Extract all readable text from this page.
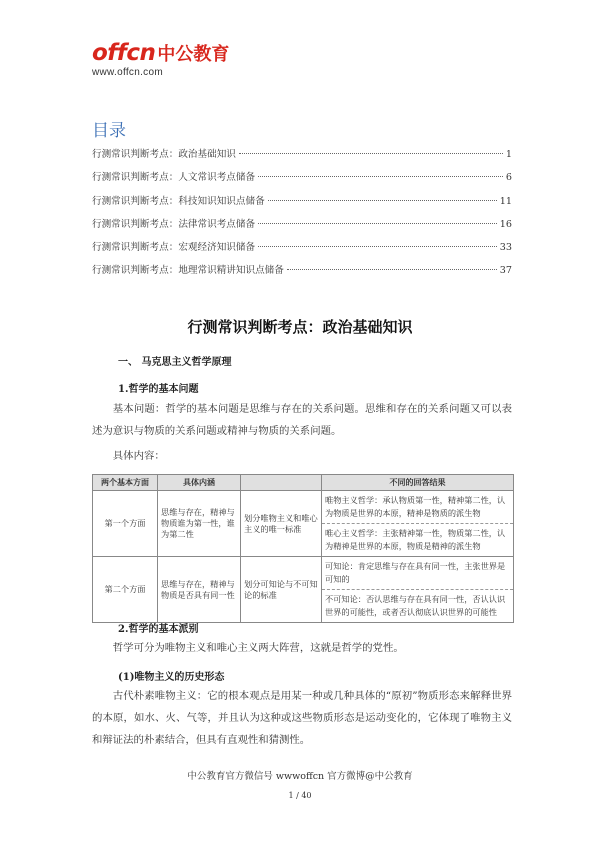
offcn 中公教育
www.offcn.com
目录
行测常识判断考点：政治基础知识	1
行测常识判断考点：人文常识考点储备	6
行测常识判断考点：科技知识知识点储备	11
行测常识判断考点：法律常识考点储备	16
行测常识判断考点：宏观经济知识储备	33
行测常识判断考点：地理常识精讲知识点储备	37
行测常识判断考点：政治基础知识
一、 马克思主义哲学原理
1.哲学的基本问题
基本问题：哲学的基本问题是思维与存在的关系问题。思维和存在的关系问题又可以表述为意识与物质的关系问题或精神与物质的关系问题。
具体内容：
两个基本方面	具体内涵		不同的回答结果
第一个方面	思维与存在，精神与物质谁为第一性，谁为第二性	划分唯物主义和唯心主义的唯一标准	唯物主义哲学：承认物质第一性，精神第二性，认为物质是世界的本原，精神是物质的派生物
唯心主义哲学：主张精神第一性，物质第二性，认为精神是世界的本原，物质是精神的派生物

第二个方面	思维与存在，精神与物质是否具有同一性	划分可知论与不可知论的标准	可知论：肯定思维与存在具有同一性，主张世界是可知的
不可知论：否认思维与存在具有同一性，否认认识世界的可能性，或者否认彻底认识世界的可能性
2.哲学的基本派别
哲学可分为唯物主义和唯心主义两大阵营，这就是哲学的党性。
(1)唯物主义的历史形态
古代朴素唯物主义：它的根本观点是用某一种或几种具体的“原初”物质形态来解释世界的本原，如水、火、气等，并且认为这种或这些物质形态是运动变化的，它体现了唯物主义和辩证法的朴素结合，但具有直观性和猜测性。
中公教育官方微信号 wwwoffcn 官方微博@中公教育
1 / 40
